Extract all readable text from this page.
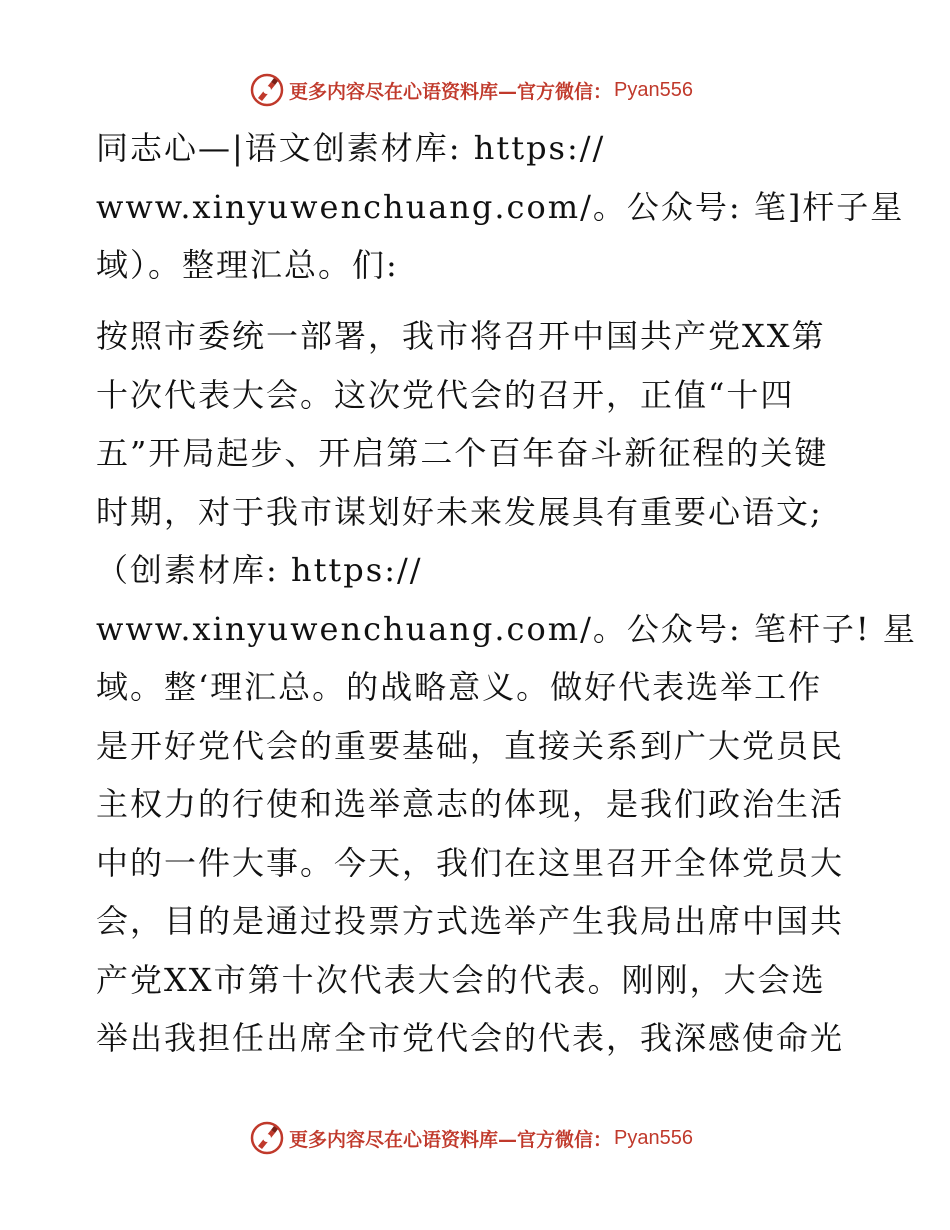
更多内容尽在心语资料库—官方微信： Pyan556
同志心—|语文创素材库: https://
www.xinyuwenchuang.com/。公众号: 笔]杆子星
域）。整理汇总。们:
按照市委统一部署，我市将召开中国共产党XX第
十次代表大会。这次党代会的召开，正值“十四
五”开局起步、开启第二个百年奋斗新征程的关键
时期，对于我市谋划好未来发展具有重要心语文;
（创素材库: https://
www.xinyuwenchuang.com/。公众号: 笔杆子! 星
域。整‘理汇总。的战略意义。做好代表选举工作
是开好党代会的重要基础，直接关系到广大党员民
主权力的行使和选举意志的体现，是我们政治生活
中的一件大事。今天，我们在这里召开全体党员大
会，目的是通过投票方式选举产生我局出席中国共
产党XX市第十次代表大会的代表。刚刚，大会选
举出我担任出席全市党代会的代表，我深感使命光
更多内容尽在心语资料库—官方微信： Pyan556
